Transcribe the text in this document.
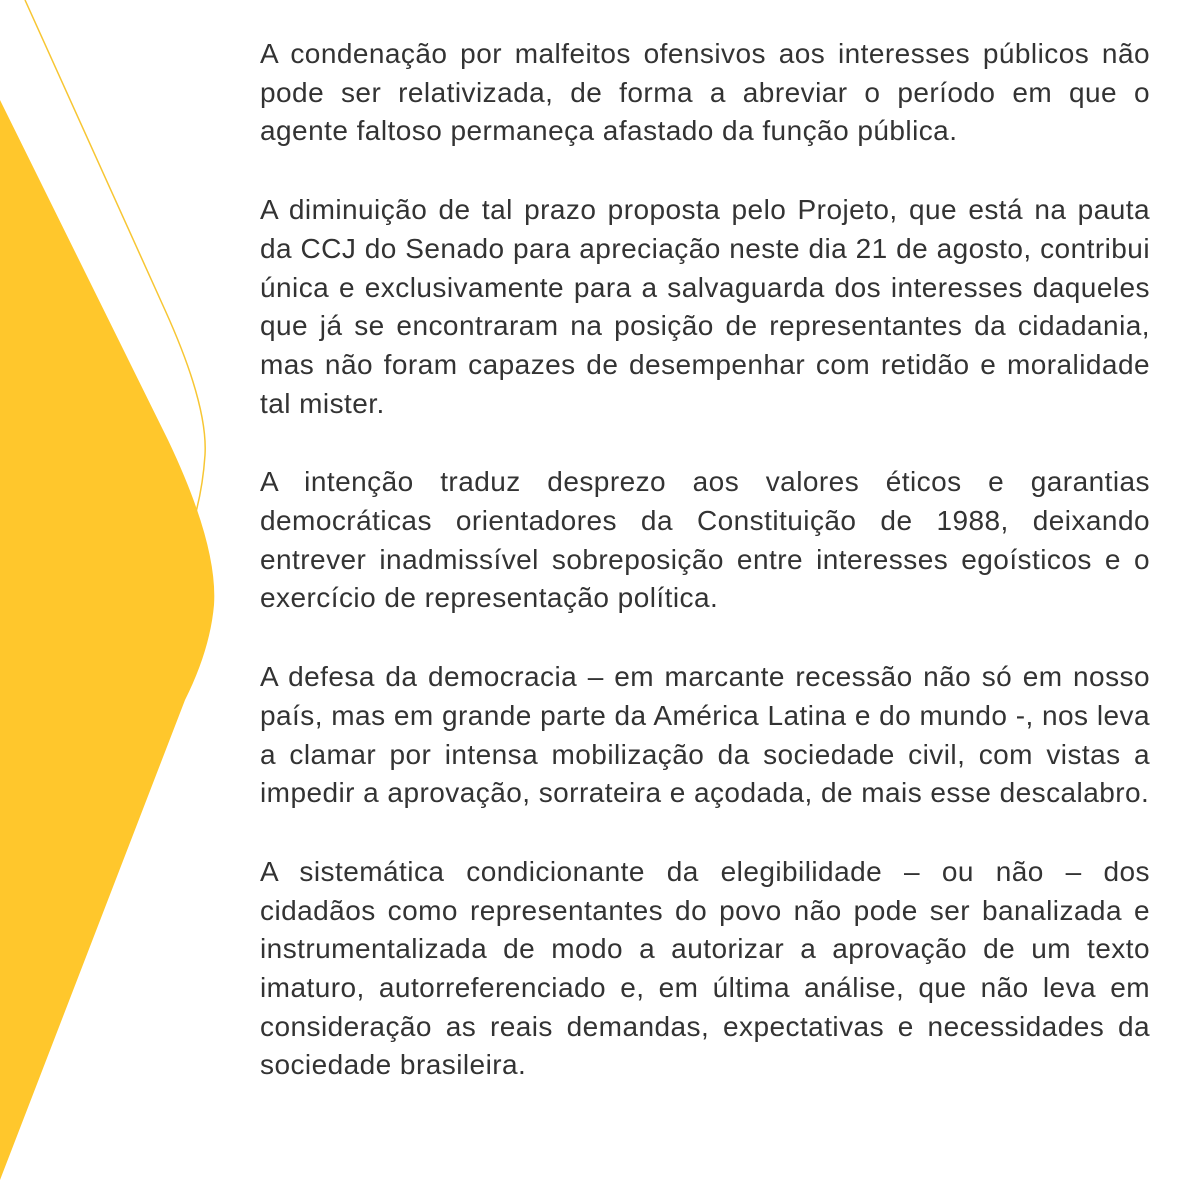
A condenação por malfeitos ofensivos aos interesses públicos não pode ser relativizada, de forma a abreviar o período em que o agente faltoso permaneça afastado da função pública.

A diminuição de tal prazo proposta pelo Projeto, que está na pauta da CCJ do Senado para apreciação neste dia 21 de agosto, contribui única e exclusivamente para a salvaguarda dos interesses daqueles que já se encontraram na posição de representantes da cidadania, mas não foram capazes de desempenhar com retidão e moralidade tal mister.

A intenção traduz desprezo aos valores éticos e garantias democráticas orientadores da Constituição de 1988, deixando entrever inadmissível sobreposição entre interesses egoísticos e o exercício de representação política.

A defesa da democracia – em marcante recessão não só em nosso país, mas em grande parte da América Latina e do mundo -, nos leva a clamar por intensa mobilização da sociedade civil, com vistas a impedir a aprovação, sorrateira e açodada, de mais esse descalabro.

A sistemática condicionante da elegibilidade – ou não – dos cidadãos como representantes do povo não pode ser banalizada e instrumentalizada de modo a autorizar a aprovação de um texto imaturo, autorreferenciado e, em última análise, que não leva em consideração as reais demandas, expectativas e necessidades da sociedade brasileira.
